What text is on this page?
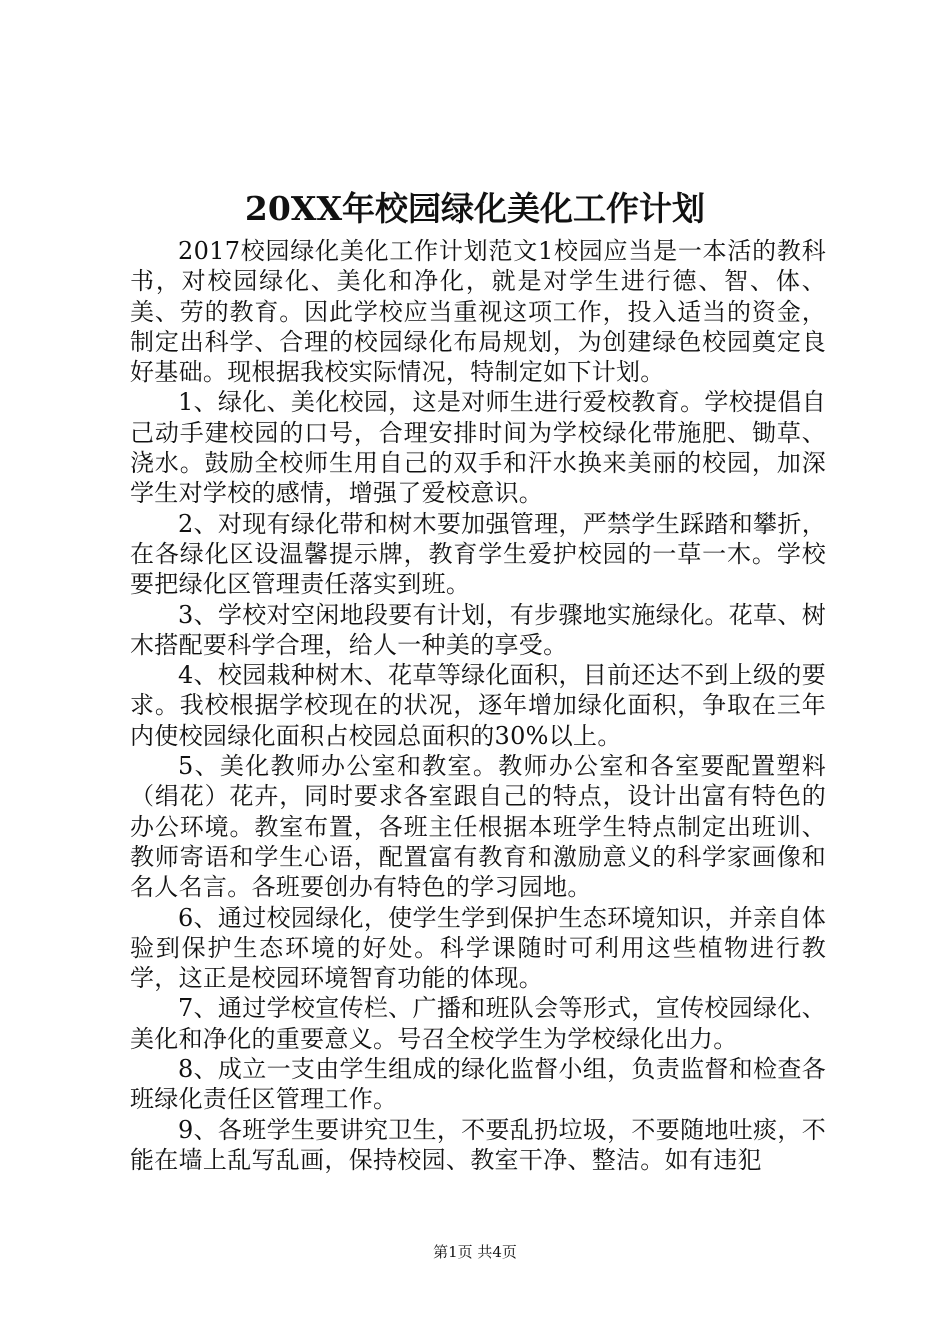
20XX年校园绿化美化工作计划

2017校园绿化美化工作计划范文1校园应当是一本活的教科书，对校园绿化、美化和净化，就是对学生进行德、智、体、美、劳的教育。因此学校应当重视这项工作，投入适当的资金，制定出科学、合理的校园绿化布局规划，为创建绿色校园奠定良好基础。现根据我校实际情况，特制定如下计划。

1、绿化、美化校园，这是对师生进行爱校教育。学校提倡自己动手建校园的口号，合理安排时间为学校绿化带施肥、锄草、浇水。鼓励全校师生用自己的双手和汗水换来美丽的校园，加深学生对学校的感情，增强了爱校意识。

2、对现有绿化带和树木要加强管理，严禁学生踩踏和攀折，在各绿化区设温馨提示牌，教育学生爱护校园的一草一木。学校要把绿化区管理责任落实到班。

3、学校对空闲地段要有计划，有步骤地实施绿化。花草、树木搭配要科学合理，给人一种美的享受。

4、校园栽种树木、花草等绿化面积，目前还达不到上级的要求。我校根据学校现在的状况，逐年增加绿化面积，争取在三年内使校园绿化面积占校园总面积的30%以上。

5、美化教师办公室和教室。教师办公室和各室要配置塑料（绢花）花卉，同时要求各室跟自己的特点，设计出富有特色的办公环境。教室布置，各班主任根据本班学生特点制定出班训、教师寄语和学生心语，配置富有教育和激励意义的科学家画像和名人名言。各班要创办有特色的学习园地。

6、通过校园绿化，使学生学到保护生态环境知识，并亲自体验到保护生态环境的好处。科学课随时可利用这些植物进行教学，这正是校园环境智育功能的体现。

7、通过学校宣传栏、广播和班队会等形式，宣传校园绿化、美化和净化的重要意义。号召全校学生为学校绿化出力。

8、成立一支由学生组成的绿化监督小组，负责监督和检查各班绿化责任区管理工作。

9、各班学生要讲究卫生，不要乱扔垃圾，不要随地吐痰，不能在墙上乱写乱画，保持校园、教室干净、整洁。如有违犯

第1页 共4页
